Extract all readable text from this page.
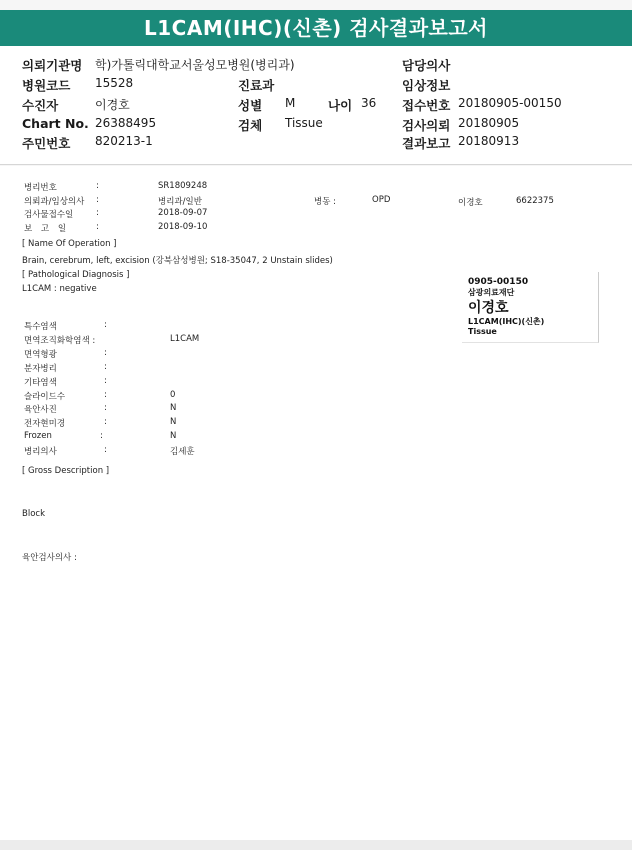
L1CAM(IHC)(신촌) 검사결과보고서
의뢰기관명 학)가톨릭대학교서울성모병원(병리과)	담당의사
병원코드 15528	진료과	임상정보
수진자	이경호	성별 M	나이 36 접수번호 20180905-00150
Chart No. 26388495	검체 Tissue	검사의뢰 20180905
주민번호 820213-1	결과보고 20180913
병리번호	:	SR1809248
의뢰과/임상의사 :	병리과/일반	병동 :	OPD	이경호	6622375
검사물접수일	:	2018-09-07
보 고 일	:	2018-09-10
[ Name Of Operation ]
Brain, cerebrum, left, excision (강북삼성병원; S18-35047, 2 Unstain slides)
[ Pathological Diagnosis ]
L1CAM : negative
특수염색	:
면역조직화학염색 :	L1CAM
면역형광	:
분자병리	:
기타염색	:
슬라이드수	:	0
육안사진	:	N
전자현미경	:	N
Frozen	:	N
병리의사	:	김세훈
[ Gross Description ]
Block
육안검사의사 :
0905-00150
삼광의료재단
이경호
L1CAM(IHC)(신촌)
Tissue
